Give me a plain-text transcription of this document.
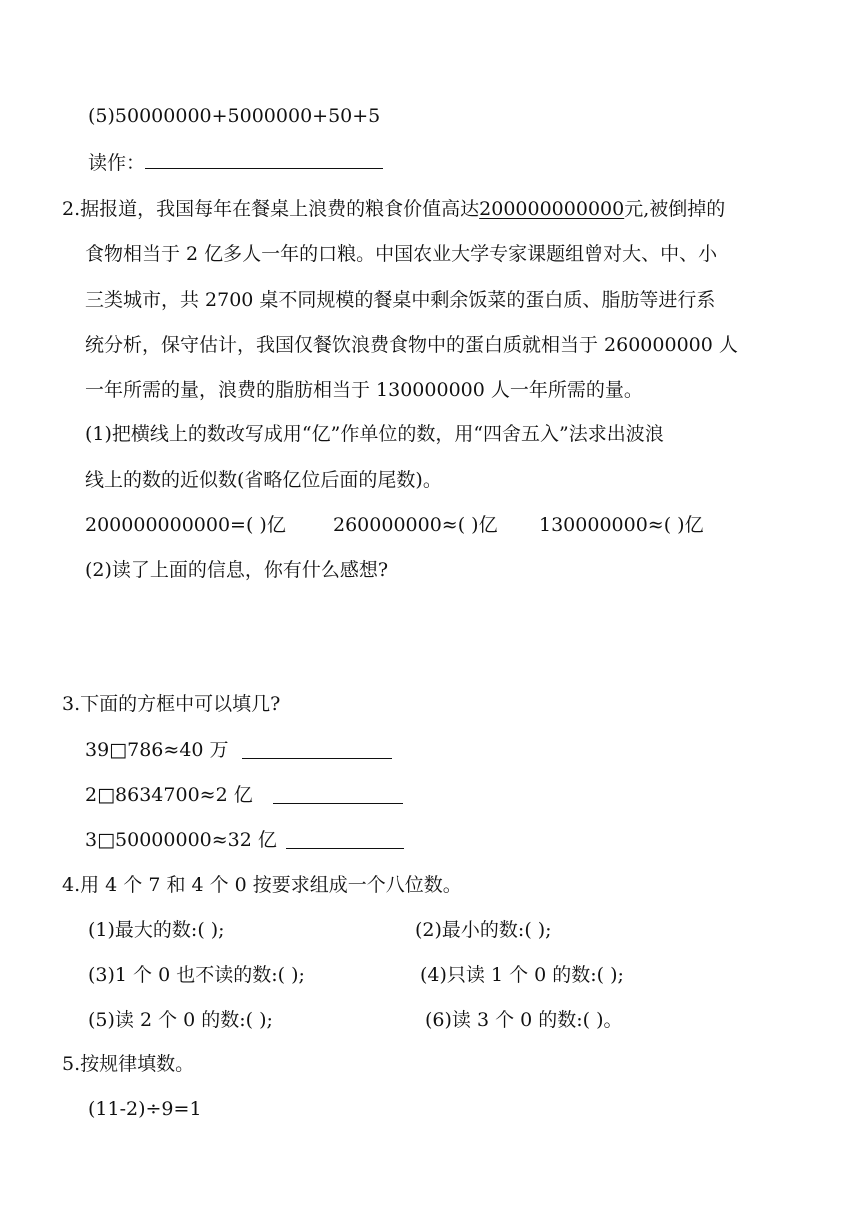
(5)50000000+5000000+50+5
读作：
2.据报道，我国每年在餐桌上浪费的粮食价值高达200000000000元,被倒掉的
食物相当于 2 亿多人一年的口粮。中国农业大学专家课题组曾对大、中、小
三类城市，共 2700 桌不同规模的餐桌中剩余饭菜的蛋白质、脂肪等进行系
统分析，保守估计，我国仅餐饮浪费食物中的蛋白质就相当于 260000000 人
一年所需的量，浪费的脂肪相当于 130000000 人一年所需的量。
(1)把横线上的数改写成用“亿”作单位的数，用“四舍五入”法求出波浪
线上的数的近似数(省略亿位后面的尾数)。
200000000000=( )亿 260000000≈( )亿 130000000≈( )亿
(2)读了上面的信息，你有什么感想?
3.下面的方框中可以填几?
39□786≈40 万
2□8634700≈2 亿
3□50000000≈32 亿
4.用 4 个 7 和 4 个 0 按要求组成一个八位数。
(1)最大的数:( );	(2)最小的数:( );
(3)1 个 0 也不读的数:( );	(4)只读 1 个 0 的数:( );
(5)读 2 个 0 的数:( );	(6)读 3 个 0 的数:( )。
5.按规律填数。
(11-2)÷9=1
